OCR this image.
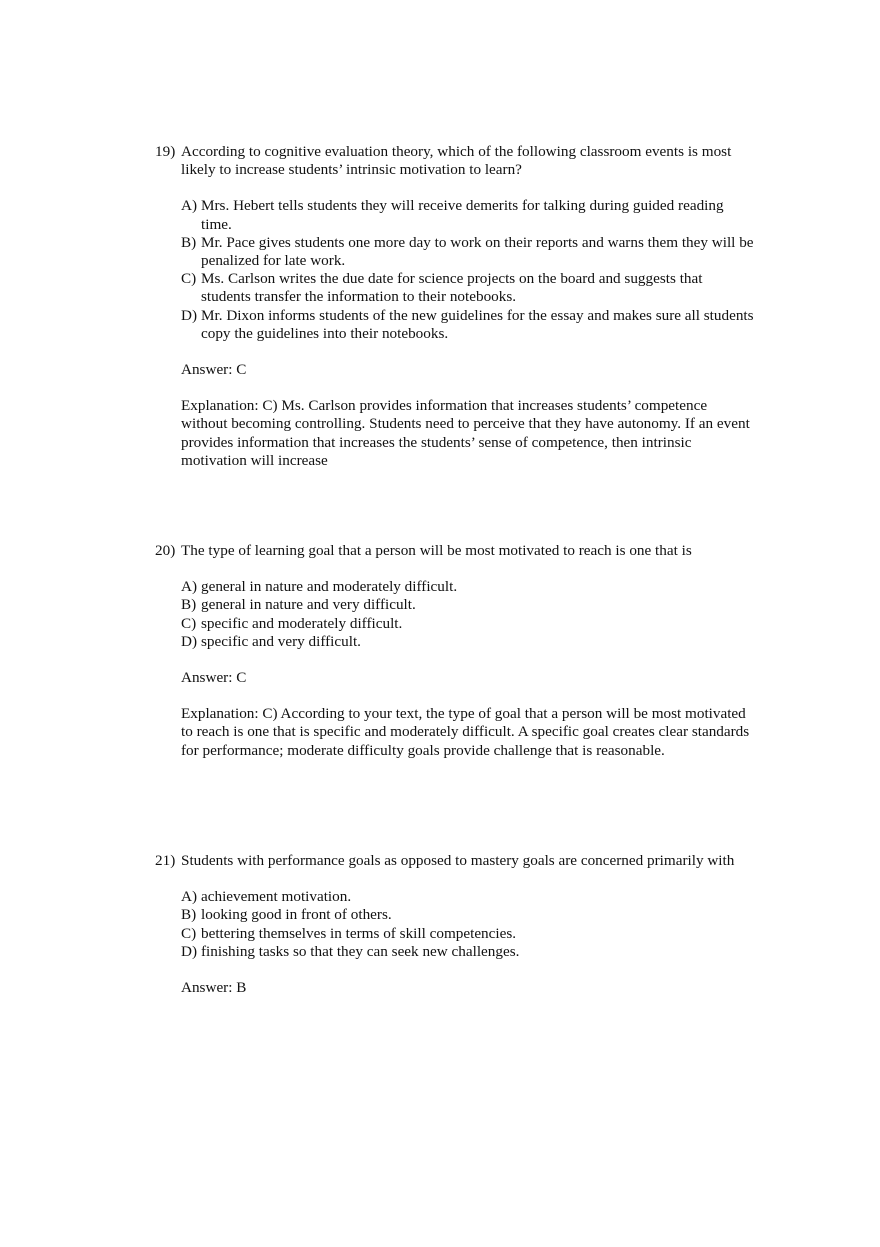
19) According to cognitive evaluation theory, which of the following classroom events is most likely to increase students’ intrinsic motivation to learn?
A) Mrs. Hebert tells students they will receive demerits for talking during guided reading time.
B) Mr. Pace gives students one more day to work on their reports and warns them they will be penalized for late work.
C) Ms. Carlson writes the due date for science projects on the board and suggests that students transfer the information to their notebooks.
D) Mr. Dixon informs students of the new guidelines for the essay and makes sure all students copy the guidelines into their notebooks.
Answer: C
Explanation: C) Ms. Carlson provides information that increases students’ competence without becoming controlling. Students need to perceive that they have autonomy. If an event provides information that increases the students’ sense of competence, then intrinsic motivation will increase
20) The type of learning goal that a person will be most motivated to reach is one that is
A) general in nature and moderately difficult.
B) general in nature and very difficult.
C) specific and moderately difficult.
D) specific and very difficult.
Answer: C
Explanation: C) According to your text, the type of goal that a person will be most motivated to reach is one that is specific and moderately difficult. A specific goal creates clear standards for performance; moderate difficulty goals provide challenge that is reasonable.
21) Students with performance goals as opposed to mastery goals are concerned primarily with
A) achievement motivation.
B) looking good in front of others.
C) bettering themselves in terms of skill competencies.
D) finishing tasks so that they can seek new challenges.
Answer: B
